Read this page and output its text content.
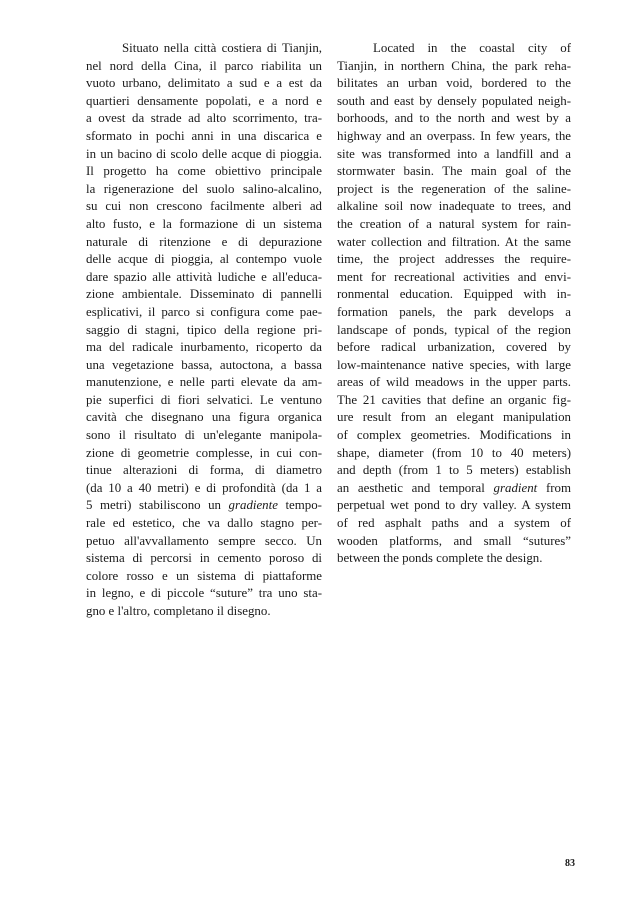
Situato nella città costiera di Tianjin,
nel nord della Cina, il parco riabilita un
vuoto urbano, delimitato a sud e a est da
quartieri densamente popolati, e a nord e
a ovest da strade ad alto scorrimento, tra-
sformato in pochi anni in una discarica e
in un bacino di scolo delle acque di pioggia.
Il progetto ha come obiettivo principale
la rigenerazione del suolo salino-alcalino,
su cui non crescono facilmente alberi ad
alto fusto, e la formazione di un sistema
naturale di ritenzione e di depurazione
delle acque di pioggia, al contempo vuole
dare spazio alle attività ludiche e all'educa-
zione ambientale. Disseminato di pannelli
esplicativi, il parco si configura come pae-
saggio di stagni, tipico della regione pri-
ma del radicale inurbamento, ricoperto da
una vegetazione bassa, autoctona, a bassa
manutenzione, e nelle parti elevate da am-
pie superfici di fiori selvatici. Le ventuno
cavità che disegnano una figura organica
sono il risultato di un'elegante manipola-
zione di geometrie complesse, in cui con-
tinue alterazioni di forma, di diametro
(da 10 a 40 metri) e di profondità (da 1 a
5 metri) stabiliscono un gradiente tempo-
rale ed estetico, che va dallo stagno per-
petuo all'avvallamento sempre secco. Un
sistema di percorsi in cemento poroso di
colore rosso e un sistema di piattaforme
in legno, e di piccole “suture” tra uno sta-
gno e l'altro, completano il disegno.
Located in the coastal city of
Tianjin, in northern China, the park reha-
bilitates an urban void, bordered to the
south and east by densely populated neigh-
borhoods, and to the north and west by a
highway and an overpass. In few years, the
site was transformed into a landfill and a
stormwater basin. The main goal of the
project is the regeneration of the saline-
alkaline soil now inadequate to trees, and
the creation of a natural system for rain-
water collection and filtration. At the same
time, the project addresses the require-
ment for recreational activities and envi-
ronmental education. Equipped with in-
formation panels, the park develops a
landscape of ponds, typical of the region
before radical urbanization, covered by
low-maintenance native species, with large
areas of wild meadows in the upper parts.
The 21 cavities that define an organic fig-
ure result from an elegant manipulation
of complex geometries. Modifications in
shape, diameter (from 10 to 40 meters)
and depth (from 1 to 5 meters) establish
an aesthetic and temporal gradient from
perpetual wet pond to dry valley. A system
of red asphalt paths and a system of
wooden platforms, and small “sutures”
between the ponds complete the design.
83
